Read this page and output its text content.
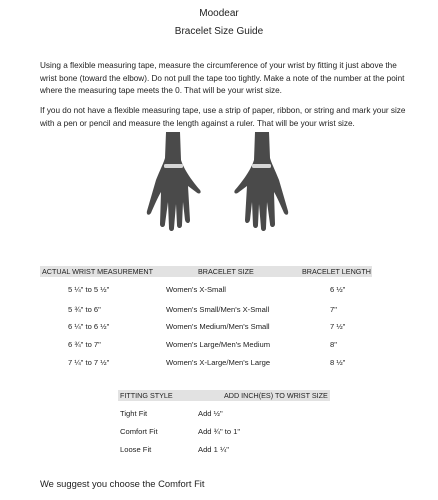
Moodear
Bracelet Size Guide
Using a flexible measuring tape, measure the circumference of your wrist by fitting it just above the wrist bone (toward the elbow). Do not pull the tape too tightly. Make a note of the number at the point where the measuring tape meets the 0. That will be your wrist size.
If you do not have a flexible measuring tape, use a strip of paper, ribbon, or string and mark your size with a pen or pencil and measure the length against a ruler. That will be your wrist size.
ACTUAL WRIST MEASUREMENT	BRACELET SIZE	BRACELET LENGTH
5 ¼" to 5 ½"	Women's X-Small	6 ½"
5 ¾" to 6"	Women's Small/Men's X-Small	7"
6 ¼" to 6 ½"	Women's Medium/Men's Small	7 ½"
6 ¾" to 7"	Women's Large/Men's Medium	8"
7 ¼" to 7 ½"	Women's X-Large/Men's Large	8 ½"
FITTING STYLE	ADD INCH(ES) TO WRIST SIZE
Tight Fit	Add ½"
Comfort Fit	Add ¾" to 1"
Loose Fit	Add 1 ¼"
We suggest you choose the Comfort Fit
